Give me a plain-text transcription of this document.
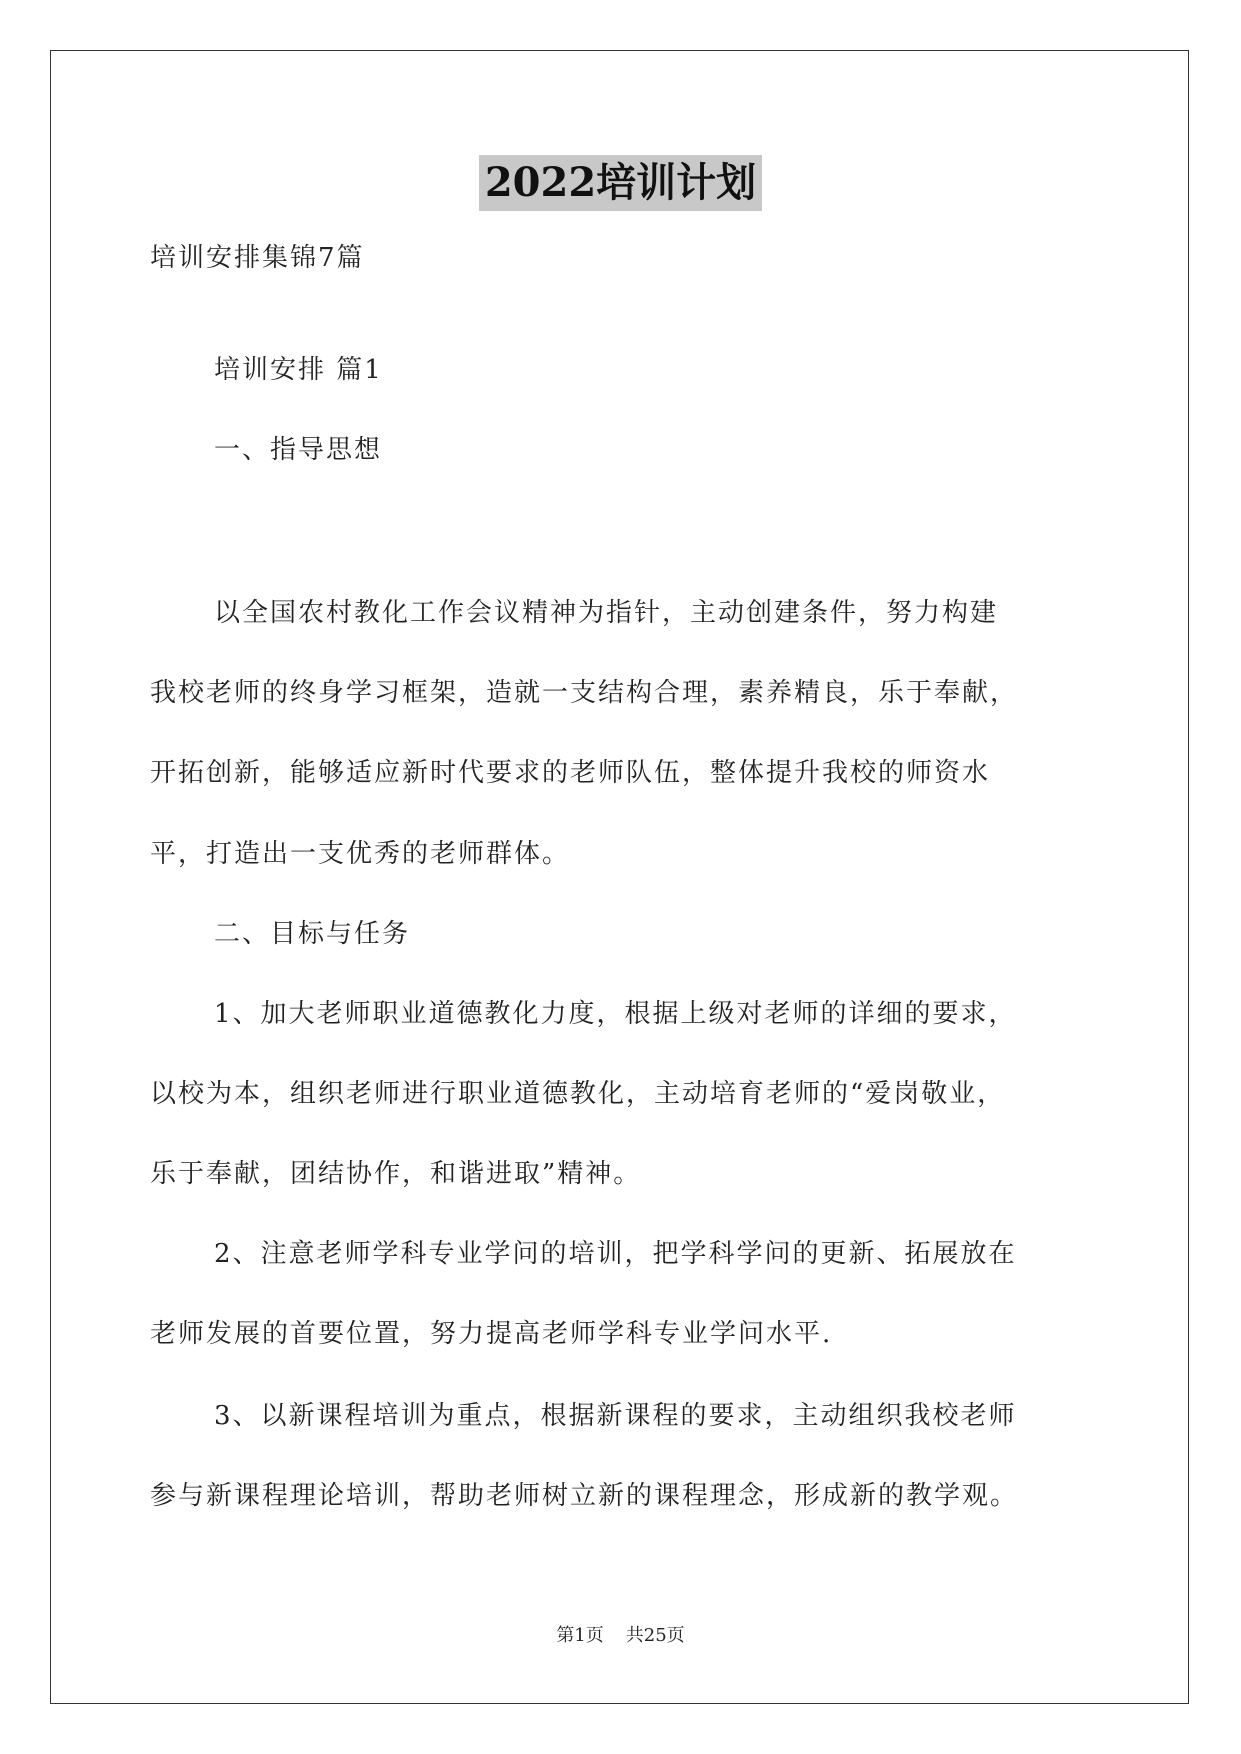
2022培训计划
培训安排集锦7篇
培训安排 篇1
一、指导思想
以全国农村教化工作会议精神为指针，主动创建条件，努力构建
我校老师的终身学习框架，造就一支结构合理，素养精良，乐于奉献，
开拓创新，能够适应新时代要求的老师队伍，整体提升我校的师资水
平，打造出一支优秀的老师群体。
二、目标与任务
1、加大老师职业道德教化力度，根据上级对老师的详细的要求，
以校为本，组织老师进行职业道德教化，主动培育老师的“爱岗敬业，
乐于奉献，团结协作，和谐进取”精神。
2、注意老师学科专业学问的培训，把学科学问的更新、拓展放在
老师发展的首要位置，努力提高老师学科专业学问水平.
3、以新课程培训为重点，根据新课程的要求，主动组织我校老师
参与新课程理论培训，帮助老师树立新的课程理念，形成新的教学观。
第1页 共25页
